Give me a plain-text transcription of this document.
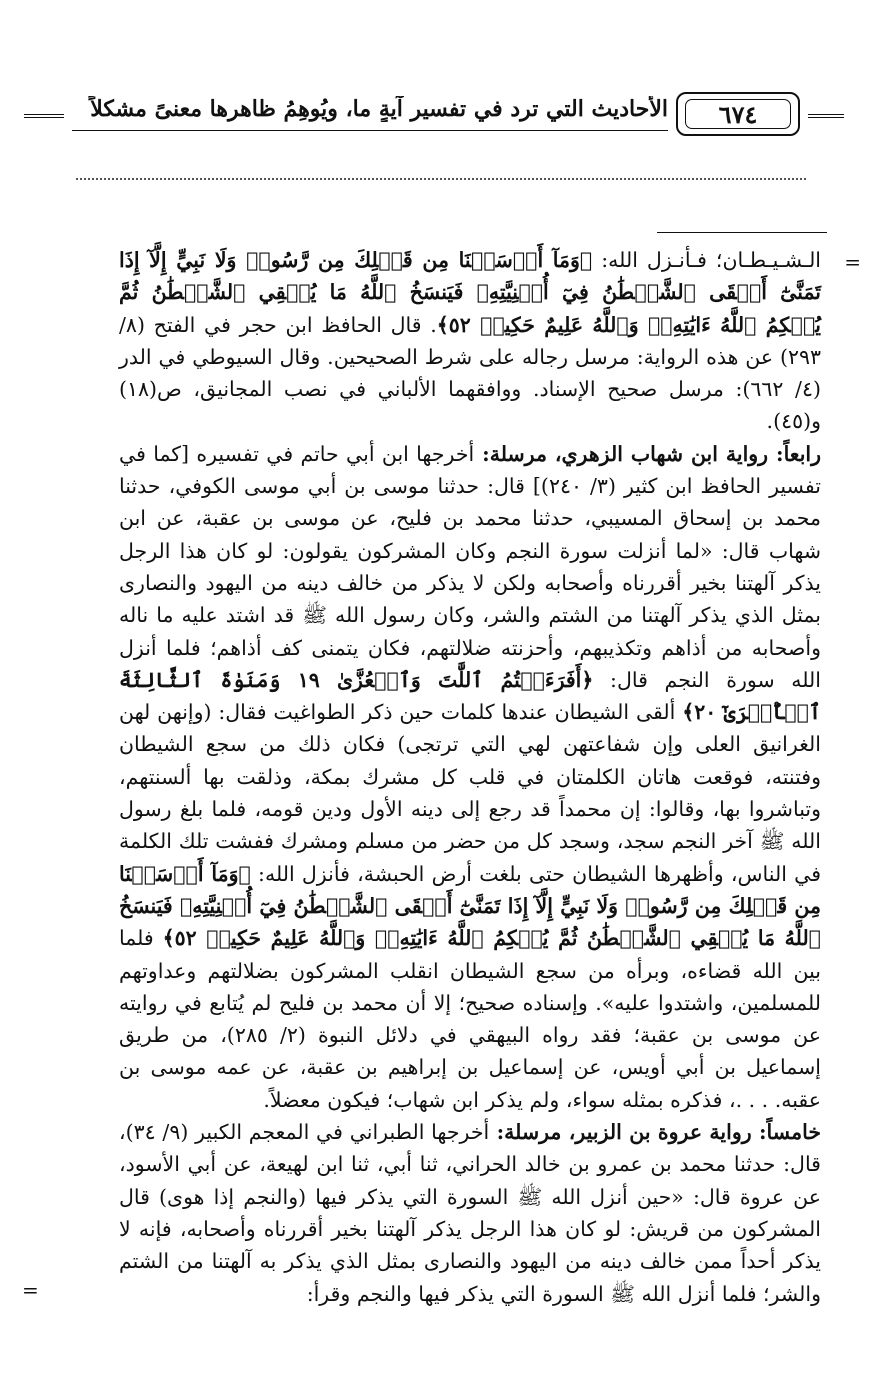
٦٧٤
الأحاديث التي ترد في تفسير آيةٍ ما، ويُوهِمُ ظاهرها معنىً مشكلاً
=

الـشـيـطـان؛ فـأنـزل الله: ﴿وَمَآ أَرۡسَلۡنَا مِن قَبۡلِكَ مِن رَّسُولٖ وَلَا نَبِيٍّ إِلَّآ إِذَا تَمَنَّىٰٓ أَلۡقَى ٱلشَّيۡطَٰنُ فِيٓ أُمۡنِيَّتِهِۦ فَيَنسَخُ ٱللَّهُ مَا يُلۡقِي ٱلشَّيۡطَٰنُ ثُمَّ يُحۡكِمُ ٱللَّهُ ءَايَٰتِهِۦۗ وَٱللَّهُ عَلِيمٌ حَكِيمٞ ٥٢﴾. قال الحافظ ابن حجر في الفتح (٨/ ٢٩٣) عن هذه الرواية: مرسل رجاله على شرط الصحيحين. وقال السيوطي في الدر (٤/ ٦٦٢): مرسل صحيح الإسناد. ووافقهما الألباني في نصب المجانيق، ص(١٨) و(٤٥).

رابعاً: رواية ابن شهاب الزهري، مرسلة: أخرجها ابن أبي حاتم في تفسيره [كما في تفسير الحافظ ابن كثير (٣/ ٢٤٠)] قال: حدثنا موسى بن أبي موسى الكوفي، حدثنا محمد بن إسحاق المسيبي، حدثنا محمد بن فليح، عن موسى بن عقبة، عن ابن شهاب قال: «لما أنزلت سورة النجم وكان المشركون يقولون: لو كان هذا الرجل يذكر آلهتنا بخير أقررناه وأصحابه ولكن لا يذكر من خالف دينه من اليهود والنصارى بمثل الذي يذكر آلهتنا من الشتم والشر، وكان رسول الله ﷺ قد اشتد عليه ما ناله وأصحابه من أذاهم وتكذيبهم، وأحزنته ضلالتهم، فكان يتمنى كف أذاهم؛ فلما أنزل الله سورة النجم قال: ﴿أَفَرَءَيۡتُمُ ٱللَّٰتَ وَٱلۡعُزَّىٰ ١٩ وَمَنَوٰةَ ٱلثَّالِثَةَ ٱلۡأُخۡرَىٰٓ ٢٠﴾ ألقى الشيطان عندها كلمات حين ذكر الطواغيت فقال: (وإنهن لهن الغرانيق العلى وإن شفاعتهن لهي التي ترتجى) فكان ذلك من سجع الشيطان وفتنته، فوقعت هاتان الكلمتان في قلب كل مشرك بمكة، وذلقت بها ألسنتهم، وتباشروا بها، وقالوا: إن محمداً قد رجع إلى دينه الأول ودين قومه، فلما بلغ رسول الله ﷺ آخر النجم سجد، وسجد كل من حضر من مسلم ومشرك ففشت تلك الكلمة في الناس، وأظهرها الشيطان حتى بلغت أرض الحبشة، فأنزل الله: ﴿وَمَآ أَرۡسَلۡنَا مِن قَبۡلِكَ مِن رَّسُولٖ وَلَا نَبِيٍّ إِلَّآ إِذَا تَمَنَّىٰٓ أَلۡقَى ٱلشَّيۡطَٰنُ فِيٓ أُمۡنِيَّتِهِۦ فَيَنسَخُ ٱللَّهُ مَا يُلۡقِي ٱلشَّيۡطَٰنُ ثُمَّ يُحۡكِمُ ٱللَّهُ ءَايَٰتِهِۦۗ وَٱللَّهُ عَلِيمٌ حَكِيمٞ ٥٢﴾ فلما بين الله قضاءه، وبرأه من سجع الشيطان انقلب المشركون بضلالتهم وعداوتهم للمسلمين، واشتدوا عليه». وإسناده صحيح؛ إلا أن محمد بن فليح لم يُتابع في روايته عن موسى بن عقبة؛ فقد رواه البيهقي في دلائل النبوة (٢/ ٢٨٥)، من طريق إسماعيل بن أبي أويس، عن إسماعيل بن إبراهيم بن عقبة، عن عمه موسى بن عقبه. . . .، فذكره بمثله سواء، ولم يذكر ابن شهاب؛ فيكون معضلاً.

خامساً: رواية عروة بن الزبير، مرسلة: أخرجها الطبراني في المعجم الكبير (٩/ ٣٤)، قال: حدثنا محمد بن عمرو بن خالد الحراني، ثنا أبي، ثنا ابن لهيعة، عن أبي الأسود، عن عروة قال: «حين أنزل الله ﷺ السورة التي يذكر فيها (والنجم إذا هوى) قال المشركون من قريش: لو كان هذا الرجل يذكر آلهتنا بخير أقررناه وأصحابه، فإنه لا يذكر أحداً ممن خالف دينه من اليهود والنصارى بمثل الذي يذكر به آلهتنا من الشتم والشر؛ فلما أنزل الله ﷺ السورة التي يذكر فيها والنجم وقرأ:

=
